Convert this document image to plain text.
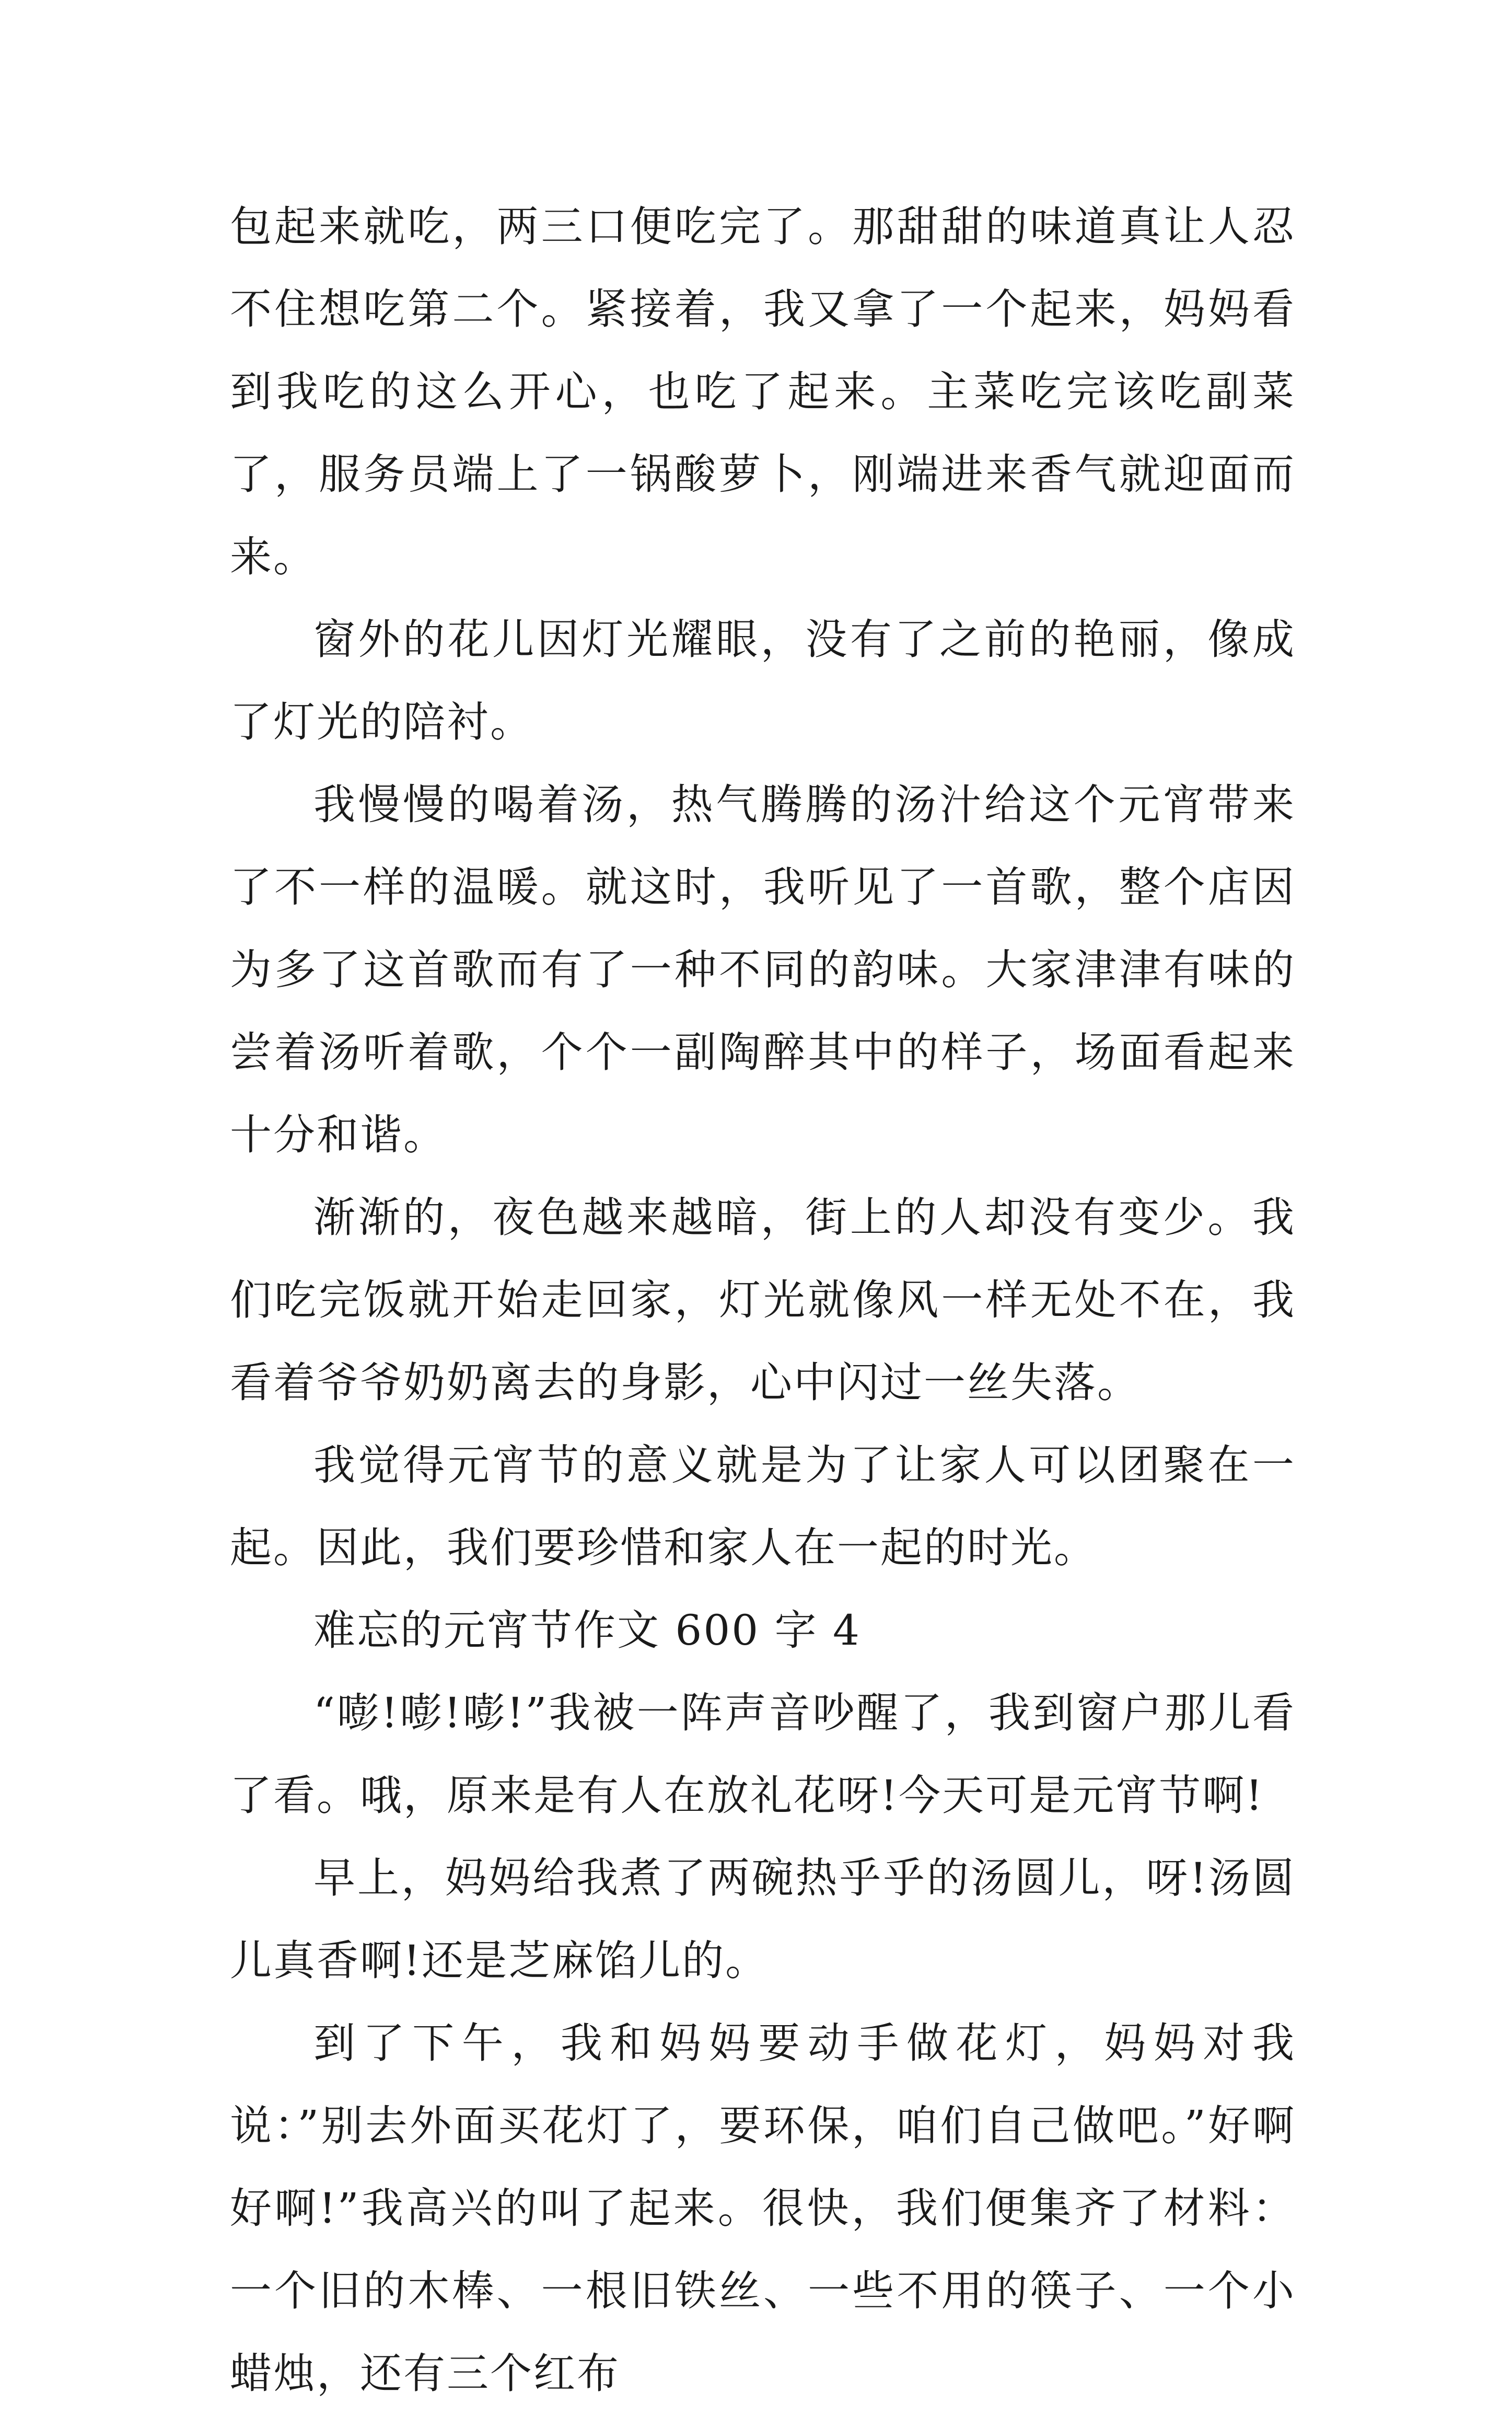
包起来就吃，两三口便吃完了。那甜甜的味道真让人忍不住想吃第二个。紧接着，我又拿了一个起来，妈妈看到我吃的这么开心，也吃了起来。主菜吃完该吃副菜了，服务员端上了一锅酸萝卜，刚端进来香气就迎面而来。

窗外的花儿因灯光耀眼，没有了之前的艳丽，像成了灯光的陪衬。

我慢慢的喝着汤，热气腾腾的汤汁给这个元宵带来了不一样的温暖。就这时，我听见了一首歌，整个店因为多了这首歌而有了一种不同的韵味。大家津津有味的尝着汤听着歌，个个一副陶醉其中的样子，场面看起来十分和谐。

渐渐的，夜色越来越暗，街上的人却没有变少。我们吃完饭就开始走回家，灯光就像风一样无处不在，我看着爷爷奶奶离去的身影，心中闪过一丝失落。

我觉得元宵节的意义就是为了让家人可以团聚在一起。因此，我们要珍惜和家人在一起的时光。

难忘的元宵节作文 600 字 4

“嘭!嘭!嘭!”我被一阵声音吵醒了，我到窗户那儿看了看。哦，原来是有人在放礼花呀!今天可是元宵节啊!

早上，妈妈给我煮了两碗热乎乎的汤圆儿，呀!汤圆儿真香啊!还是芝麻馅儿的。

到了下午，我和妈妈要动手做花灯，妈妈对我说：”别去外面买花灯了，要环保，咱们自己做吧。”好啊好啊!”我高兴的叫了起来。很快，我们便集齐了材料：一个旧的木棒、一根旧铁丝、一些不用的筷子、一个小蜡烛，还有三个红布
